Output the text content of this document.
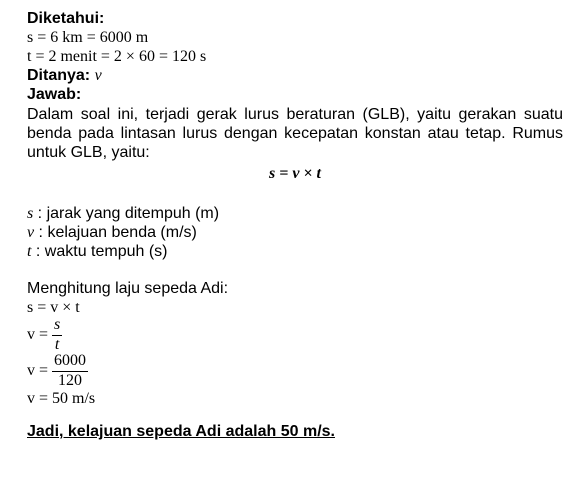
Diketahui:
s = 6 km = 6000 m
t = 2 menit = 2 × 60 = 120 s
Ditanya: v
Jawab:
Dalam soal ini, terjadi gerak lurus beraturan (GLB), yaitu gerakan suatu benda pada lintasan lurus dengan kecepatan konstan atau tetap. Rumus untuk GLB, yaitu:
s = v × t
s : jarak yang ditempuh (m)
v : kelajuan benda (m/s)
t : waktu tempuh (s)
Menghitung laju sepeda Adi:
s = v × t
$v = \frac{s}{t}$
$v = \frac{6000}{120}$
v = 50 m/s
Jadi, kelajuan sepeda Adi adalah 50 m/s.
